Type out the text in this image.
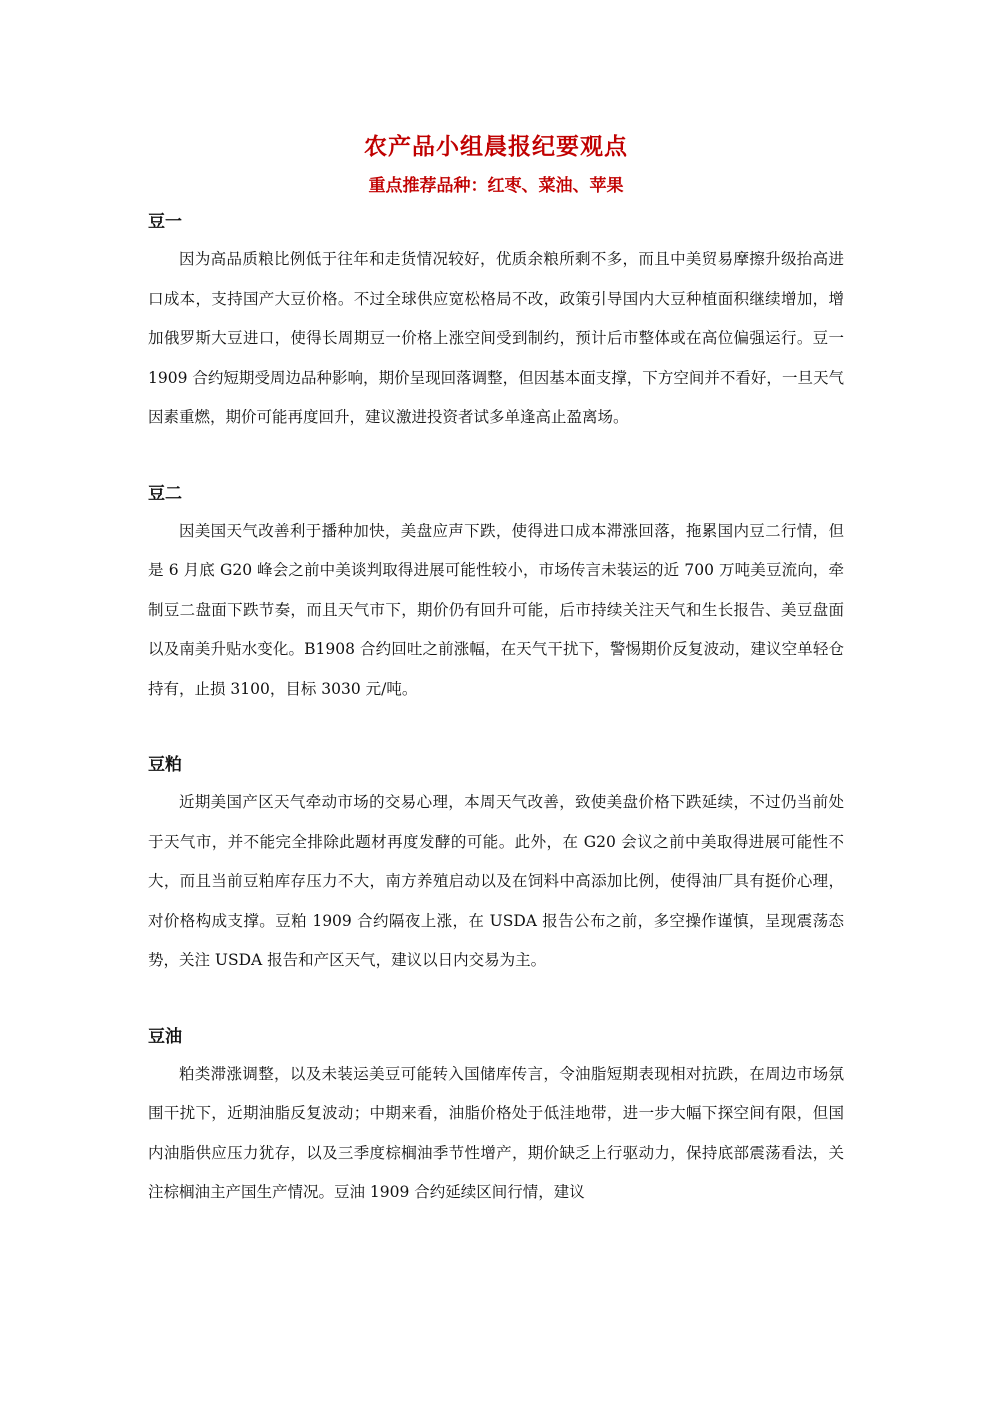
农产品小组晨报纪要观点
重点推荐品种：红枣、菜油、苹果
豆一

因为高品质粮比例低于往年和走货情况较好，优质余粮所剩不多，而且中美贸易摩擦升级抬高进口成本，支持国产大豆价格。不过全球供应宽松格局不改，政策引导国内大豆种植面积继续增加，增加俄罗斯大豆进口，使得长周期豆一价格上涨空间受到制约，预计后市整体或在高位偏强运行。豆一 1909 合约短期受周边品种影响，期价呈现回落调整，但因基本面支撑，下方空间并不看好，一旦天气因素重燃，期价可能再度回升，建议激进投资者试多单逢高止盈离场。

豆二

因美国天气改善利于播种加快，美盘应声下跌，使得进口成本滞涨回落，拖累国内豆二行情，但是 6 月底 G20 峰会之前中美谈判取得进展可能性较小，市场传言未装运的近 700 万吨美豆流向，牵制豆二盘面下跌节奏，而且天气市下，期价仍有回升可能，后市持续关注天气和生长报告、美豆盘面以及南美升贴水变化。B1908 合约回吐之前涨幅，在天气干扰下，警惕期价反复波动，建议空单轻仓持有，止损 3100，目标 3030 元/吨。

豆粕

近期美国产区天气牵动市场的交易心理，本周天气改善，致使美盘价格下跌延续，不过仍当前处于天气市，并不能完全排除此题材再度发酵的可能。此外，在 G20 会议之前中美取得进展可能性不大，而且当前豆粕库存压力不大，南方养殖启动以及在饲料中高添加比例，使得油厂具有挺价心理，对价格构成支撑。豆粕 1909 合约隔夜上涨，在 USDA 报告公布之前，多空操作谨慎，呈现震荡态势，关注 USDA 报告和产区天气，建议以日内交易为主。

豆油

粕类滞涨调整，以及未装运美豆可能转入国储库传言，令油脂短期表现相对抗跌，在周边市场氛围干扰下，近期油脂反复波动；中期来看，油脂价格处于低洼地带，进一步大幅下探空间有限，但国内油脂供应压力犹存，以及三季度棕榈油季节性增产，期价缺乏上行驱动力，保持底部震荡看法，关注棕榈油主产国生产情况。豆油 1909 合约延续区间行情，建议
